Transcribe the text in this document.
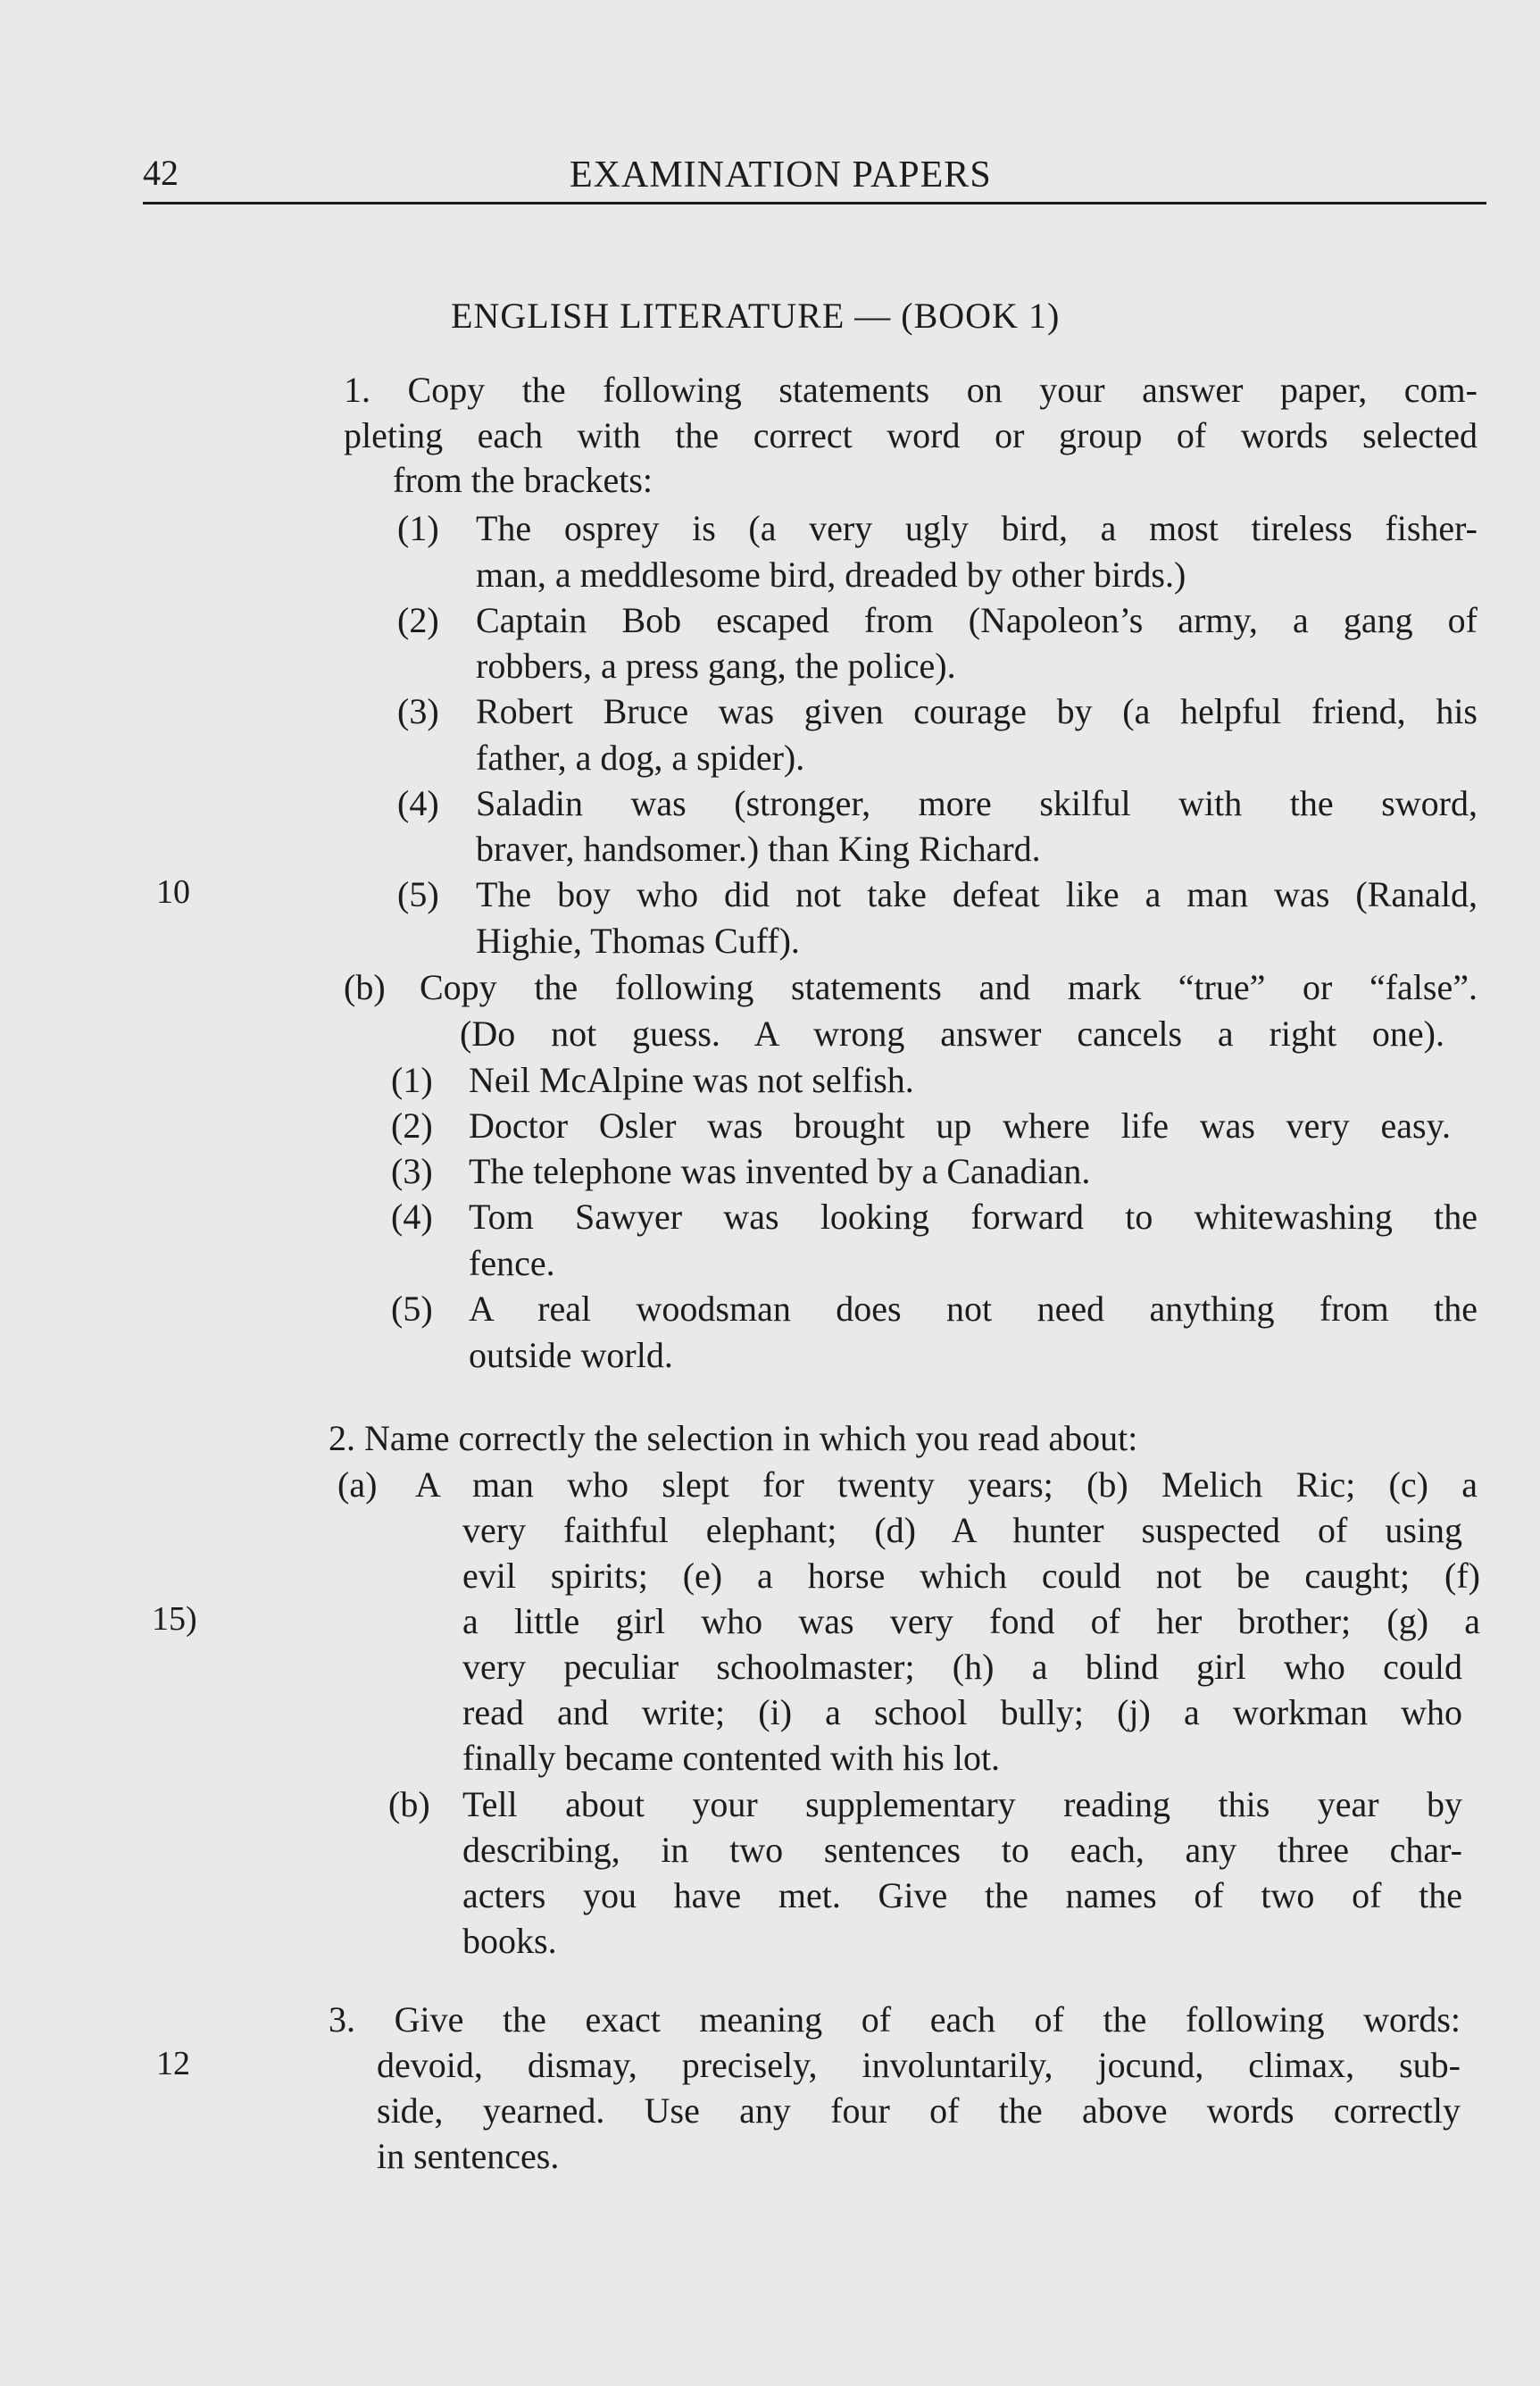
42	EXAMINATION PAPERS
ENGLISH LITERATURE — (BOOK 1)
10
15)
12
1. Copy the following statements on your answer paper, com-
pleting each with the correct word or group of words selected
from the brackets:
(1) The osprey is (a very ugly bird, a most tireless fisher-
man, a meddlesome bird, dreaded by other birds.)
(2) Captain Bob escaped from (Napoleon’s army, a gang of
robbers, a press gang, the police).
(3) Robert Bruce was given courage by (a helpful friend, his
father, a dog, a spider).
(4) Saladin was (stronger, more skilful with the sword,
braver, handsomer.) than King Richard.
(5) The boy who did not take defeat like a man was (Ranald,
Highie, Thomas Cuff).
(b) Copy the following statements and mark “true” or “false”.
(Do not guess. A wrong answer cancels a right one).
(1) Neil McAlpine was not selfish.
(2) Doctor Osler was brought up where life was very easy.
(3) The telephone was invented by a Canadian.
(4) Tom Sawyer was looking forward to whitewashing the
fence.
(5) A real woodsman does not need anything from the
outside world.
2. Name correctly the selection in which you read about:
(a) A man who slept for twenty years; (b) Melich Ric; (c) a
very faithful elephant; (d) A hunter suspected of using
evil spirits; (e) a horse which could not be caught; (f)
a little girl who was very fond of her brother; (g) a
very peculiar schoolmaster; (h) a blind girl who could
read and write; (i) a school bully; (j) a workman who
finally became contented with his lot.
(b) Tell about your supplementary reading this year by
describing, in two sentences to each, any three char-
acters you have met. Give the names of two of the
books.
3. Give the exact meaning of each of the following words:
devoid, dismay, precisely, involuntarily, jocund, climax, sub-
side, yearned. Use any four of the above words correctly
in sentences.
